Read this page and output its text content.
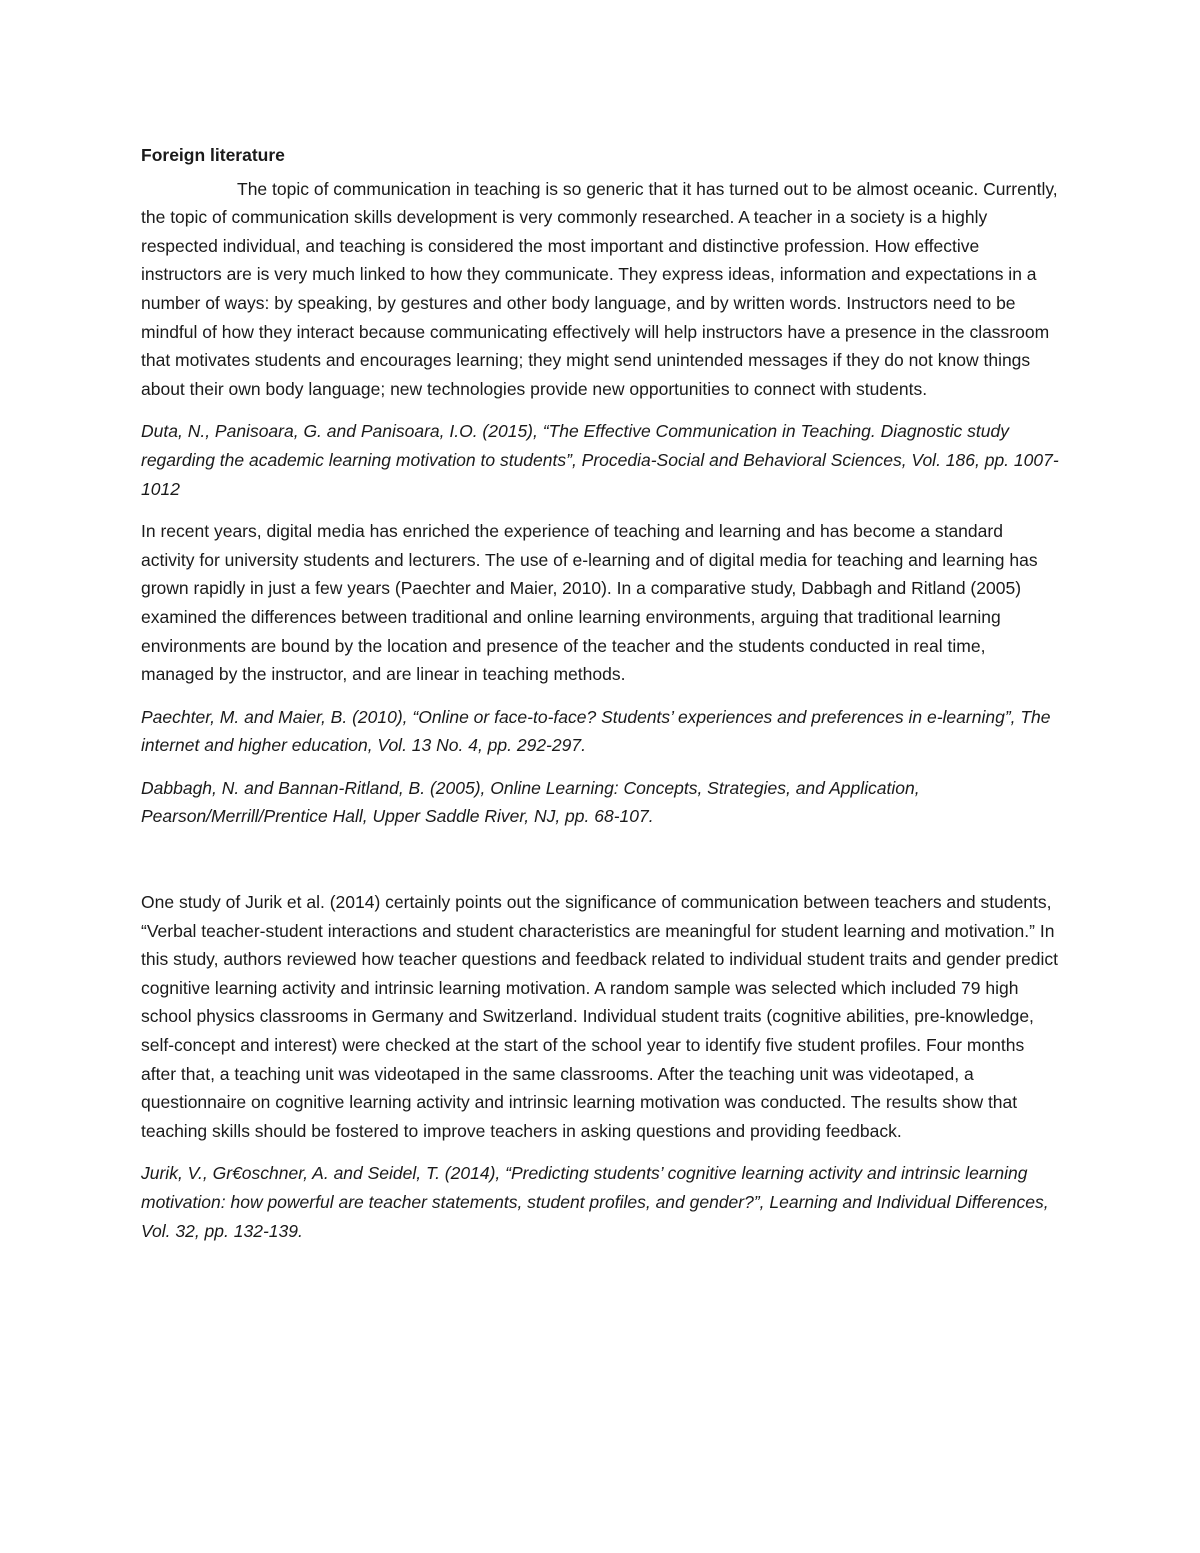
Foreign literature

The topic of communication in teaching is so generic that it has turned out to be almost oceanic. Currently, the topic of communication skills development is very commonly researched. A teacher in a society is a highly respected individual, and teaching is considered the most important and distinctive profession. How effective instructors are is very much linked to how they communicate. They express ideas, information and expectations in a number of ways: by speaking, by gestures and other body language, and by written words. Instructors need to be mindful of how they interact because communicating effectively will help instructors have a presence in the classroom that motivates students and encourages learning; they might send unintended messages if they do not know things about their own body language; new technologies provide new opportunities to connect with students.

Duta, N., Panisoara, G. and Panisoara, I.O. (2015), “The Effective Communication in Teaching. Diagnostic study regarding the academic learning motivation to students”, Procedia-Social and Behavioral Sciences, Vol. 186, pp. 1007-1012

In recent years, digital media has enriched the experience of teaching and learning and has become a standard activity for university students and lecturers. The use of e-learning and of digital media for teaching and learning has grown rapidly in just a few years (Paechter and Maier, 2010). In a comparative study, Dabbagh and Ritland (2005) examined the differences between traditional and online learning environments, arguing that traditional learning environments are bound by the location and presence of the teacher and the students conducted in real time, managed by the instructor, and are linear in teaching methods.

Paechter, M. and Maier, B. (2010), “Online or face-to-face? Students’ experiences and preferences in e-learning”, The internet and higher education, Vol. 13 No. 4, pp. 292-297.

Dabbagh, N. and Bannan-Ritland, B. (2005), Online Learning: Concepts, Strategies, and Application, Pearson/Merrill/Prentice Hall, Upper Saddle River, NJ, pp. 68-107.

One study of Jurik et al. (2014) certainly points out the significance of communication between teachers and students, “Verbal teacher-student interactions and student characteristics are meaningful for student learning and motivation.” In this study, authors reviewed how teacher questions and feedback related to individual student traits and gender predict cognitive learning activity and intrinsic learning motivation. A random sample was selected which included 79 high school physics classrooms in Germany and Switzerland. Individual student traits (cognitive abilities, pre-knowledge, self-concept and interest) were checked at the start of the school year to identify five student profiles. Four months after that, a teaching unit was videotaped in the same classrooms. After the teaching unit was videotaped, a questionnaire on cognitive learning activity and intrinsic learning motivation was conducted. The results show that teaching skills should be fostered to improve teachers in asking questions and providing feedback.

Jurik, V., Gr€oschner, A. and Seidel, T. (2014), “Predicting students’ cognitive learning activity and intrinsic learning motivation: how powerful are teacher statements, student profiles, and gender?”, Learning and Individual Differences, Vol. 32, pp. 132-139.
